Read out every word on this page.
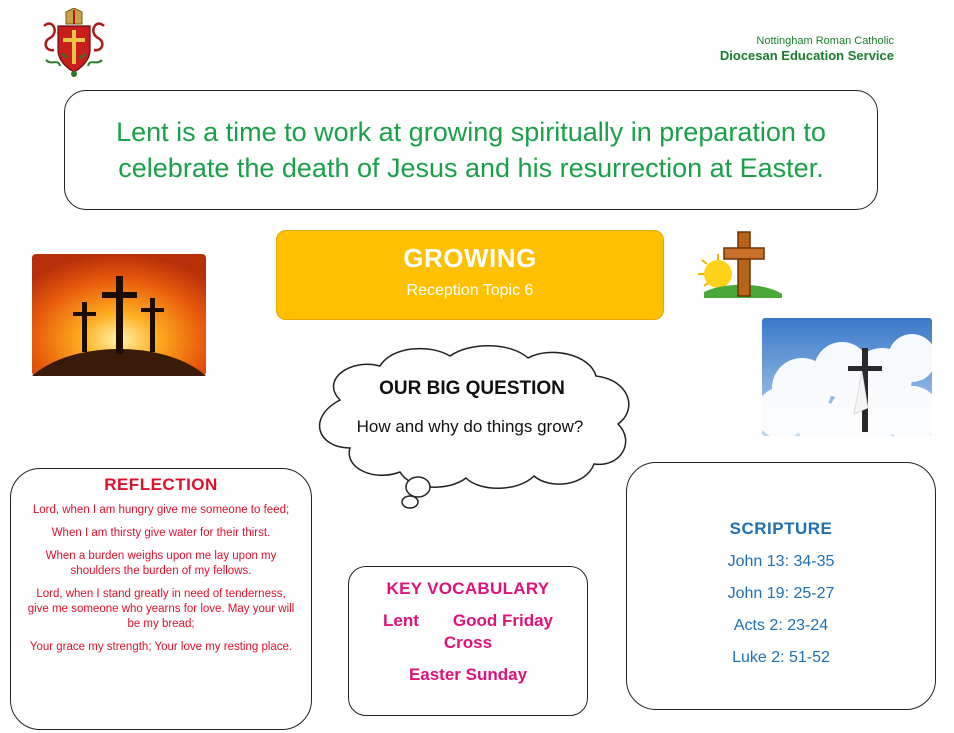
Nottingham Roman Catholic
Diocesan Education Service
Lent is a time to work at growing spiritually in preparation to celebrate the death of Jesus and his resurrection at Easter.
GROWING
Reception Topic 6
OUR BIG QUESTION
How and why do things grow?
REFLECTION
Lord, when I am hungry give me someone to feed;
When I am thirsty give water for their thirst.
When a burden weighs upon me lay upon my shoulders the burden of my fellows.
Lord, when I stand greatly in need of tenderness, give me someone who yearns for love. May your will be my bread;
Your grace my strength; Your love my resting place.
KEY VOCABULARY
Lent Good Friday
Cross
Easter Sunday
SCRIPTURE
John 13: 34-35
John 19: 25-27
Acts 2: 23-24
Luke 2: 51-52
